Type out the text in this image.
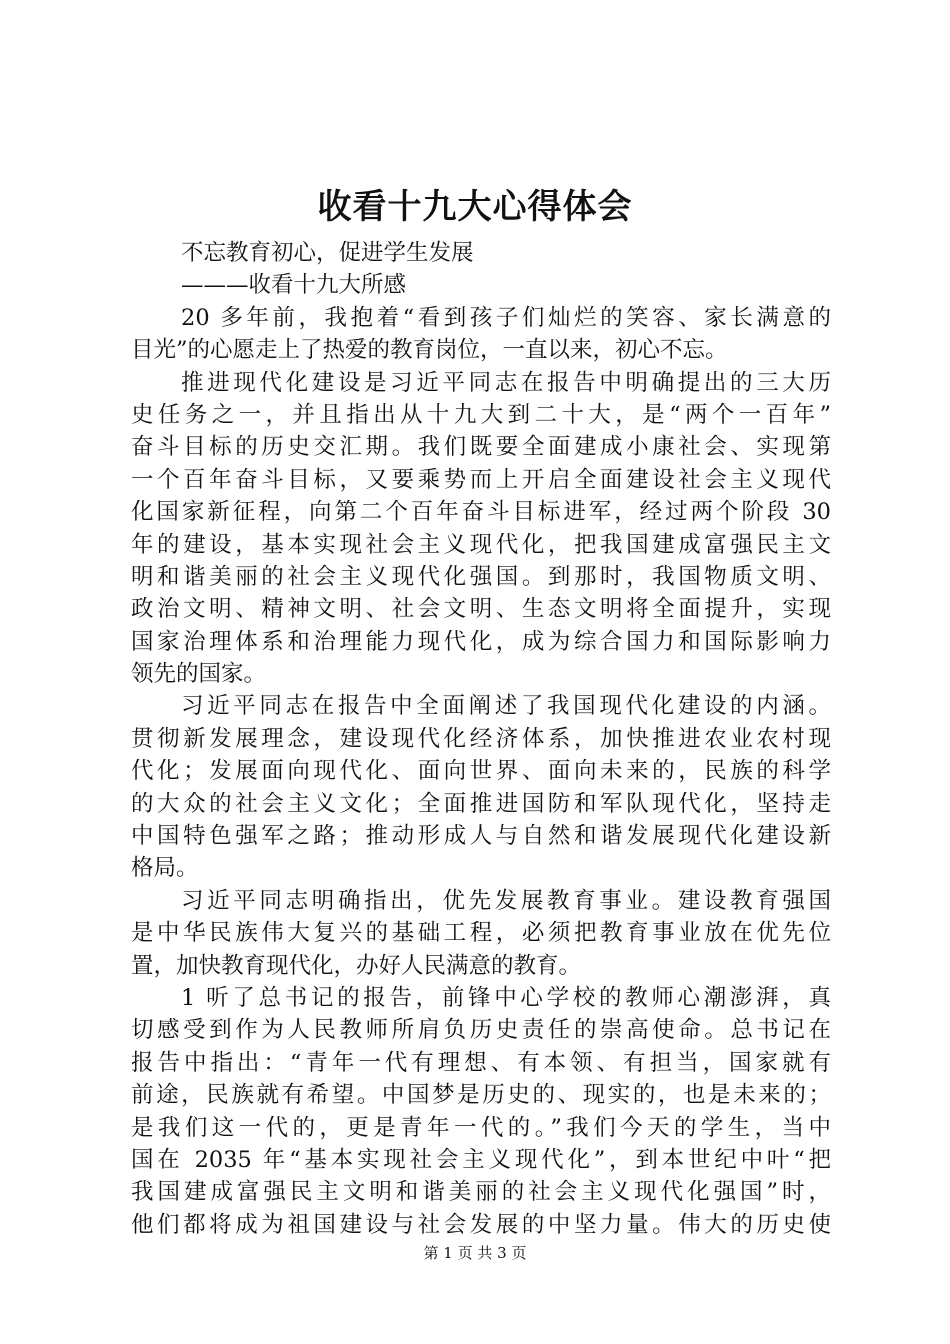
收看十九大心得体会
不忘教育初心，促进学生发展
———收看十九大所感
20 多年前，我抱着“看到孩子们灿烂的笑容、家长满意的
目光”的心愿走上了热爱的教育岗位，一直以来，初心不忘。
推进现代化建设是习近平同志在报告中明确提出的三大历
史任务之一，并且指出从十九大到二十大，是“两个一百年”
奋斗目标的历史交汇期。我们既要全面建成小康社会、实现第
一个百年奋斗目标，又要乘势而上开启全面建设社会主义现代
化国家新征程，向第二个百年奋斗目标进军，经过两个阶段 30
年的建设，基本实现社会主义现代化，把我国建成富强民主文
明和谐美丽的社会主义现代化强国。到那时，我国物质文明、
政治文明、精神文明、社会文明、生态文明将全面提升，实现
国家治理体系和治理能力现代化，成为综合国力和国际影响力
领先的国家。
习近平同志在报告中全面阐述了我国现代化建设的内涵。
贯彻新发展理念，建设现代化经济体系，加快推进农业农村现
代化；发展面向现代化、面向世界、面向未来的，民族的科学
的大众的社会主义文化；全面推进国防和军队现代化，坚持走
中国特色强军之路；推动形成人与自然和谐发展现代化建设新
格局。
习近平同志明确指出，优先发展教育事业。建设教育强国
是中华民族伟大复兴的基础工程，必须把教育事业放在优先位
置，加快教育现代化，办好人民满意的教育。
1 听了总书记的报告，前锋中心学校的教师心潮澎湃，真
切感受到作为人民教师所肩负历史责任的崇高使命。总书记在
报告中指出：“青年一代有理想、有本领、有担当，国家就有
前途，民族就有希望。中国梦是历史的、现实的，也是未来的；
是我们这一代的，更是青年一代的。”我们今天的学生，当中
国在 2035 年“基本实现社会主义现代化”，到本世纪中叶“把
我国建成富强民主文明和谐美丽的社会主义现代化强国”时，
他们都将成为祖国建设与社会发展的中坚力量。伟大的历史使
第 1 页 共 3 页
